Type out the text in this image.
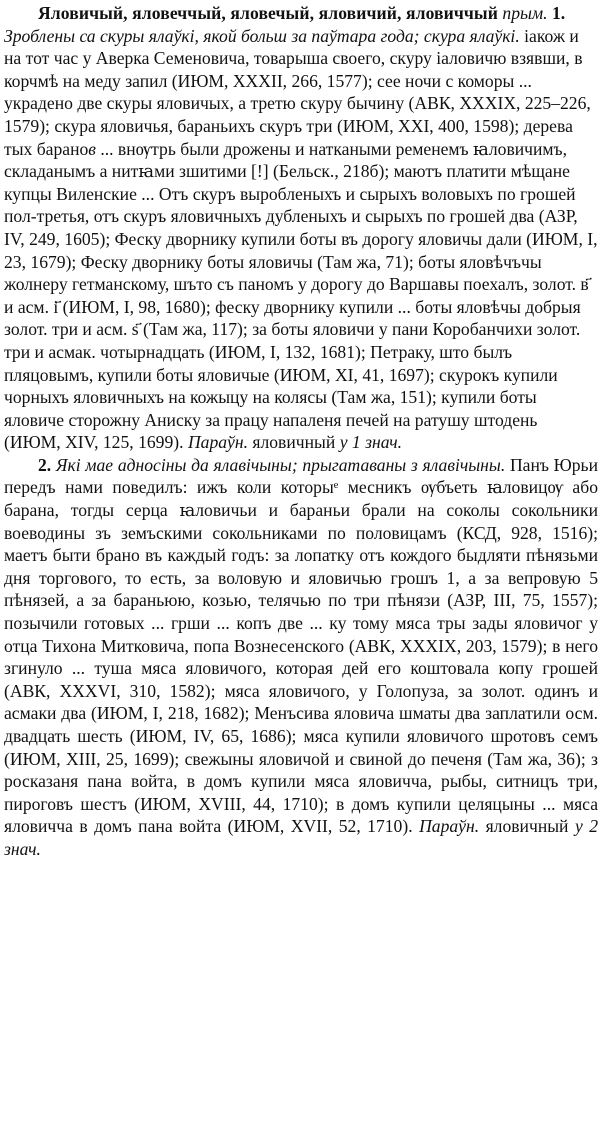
Яловичый, яловеччый, яловечый, яловичий, яловиччый прым. 1. Зроблены са скуры ялаўкі, якой больш за паўтара года; скура ялаўкі. іакож и на тот час у Аверка Семеновича, товарыша своего, скуру іаловичю взявши, в корчмѣ на меду запил (ИЮМ, XXXII, 266, 1577); сее ночи с коморы ... украдено две скуры яловичых, а третю скуру бычину (АВК, XXXIX, 225–226, 1579); скура яловичья, бараньихъ скуръ три (ИЮМ, XXI, 400, 1598); дерева тых баранов ... внѹтрь были дрожены и наткаными ременемъ ꙗловичимъ, складанымъ а нитꙗми зшитими [!] (Бельск., 218б); маютъ платити мѣщане купцы Виленские ... Отъ скуръ выробленыхъ и сырыхъ воловыхъ по грошей пол-третья, отъ скуръ яловичныхъ дубленыхъ и сырыхъ по грошей два (АЗР, IV, 249, 1605); Феску дворнику купили боты въ дорогу яловичы дали (ИЮМ, I, 23, 1679); Феску дворнику боты яловичы (Там жа, 71); боты яловѣчъчы жолнеру гетманскому, шъто съ паномъ у дорогу до Варшавы поехалъ, золот. в҃ и асм. і҃ (ИЮМ, I, 98, 1680); феску дворнику купили ... боты яловѣчы добрыя золот. три и асм. ѕ҃ (Там жа, 117); за боты яловичи у пани Коробанчихи золот. три и асмак. чотырнадцать (ИЮМ, I, 132, 1681); Петраку, што былъ пляцовымъ, купили боты яловичые (ИЮМ, XI, 41, 1697); скурокъ купили чорныхъ яловичныхъ на кожыцу на колясы (Там жа, 151); купили боты яловиче сторожну Аниску за працу напаленя печей на ратушу штодень (ИЮМ, XIV, 125, 1699). Параўн. яловичный у 1 знач.

2. Які мае адносіны да ялавічыны; прыгатаваны з ялавічыны. Панъ Юрьи передъ нами поведилъ: ижъ коли которыᵉ месникъ ѹбъеть ꙗловицѹ або барана, тогды серца ꙗловичьи и бараньи брали на соколы сокольники воеводины зъ земъскими сокольниками по половицамъ (КСД, 928, 1516); маетъ быти брано въ каждый годъ: за лопатку отъ кождого быдляти пѣнязьми дня торгового, то есть, за воловую и яловичью грошъ 1, а за вепровую 5 пѣнязей, а за бараньюю, козью, телячью по три пѣнязи (АЗР, III, 75, 1557); позычили готовых ... грши ... копъ две ... ку тому мяса тры зады яловичог у отца Тихона Митковича, попа Вознесенского (АВК, XXXIX, 203, 1579); в него згинуло ... туша мяса яловичого, которая дей его коштовала копу грошей (АВК, XXXVI, 310, 1582); мяса яловичого, у Голопуза, за золот. одинъ и асмаки два (ИЮМ, I, 218, 1682); Менъсива яловича шматы два заплатили осм. двадцать шесть (ИЮМ, IV, 65, 1686); мяса купили яловичого шротовъ семъ (ИЮМ, XIII, 25, 1699); свежыны яловичой и свиной до печеня (Там жа, 36); з росказаня пана войта, в домъ купили мяса яловичча, рыбы, ситницъ три, пироговъ шестъ (ИЮМ, XVIII, 44, 1710); в домъ купили целяцыны ... мяса яловичча в домъ пана войта (ИЮМ, XVII, 52, 1710). Параўн. яловичный у 2 знач.
